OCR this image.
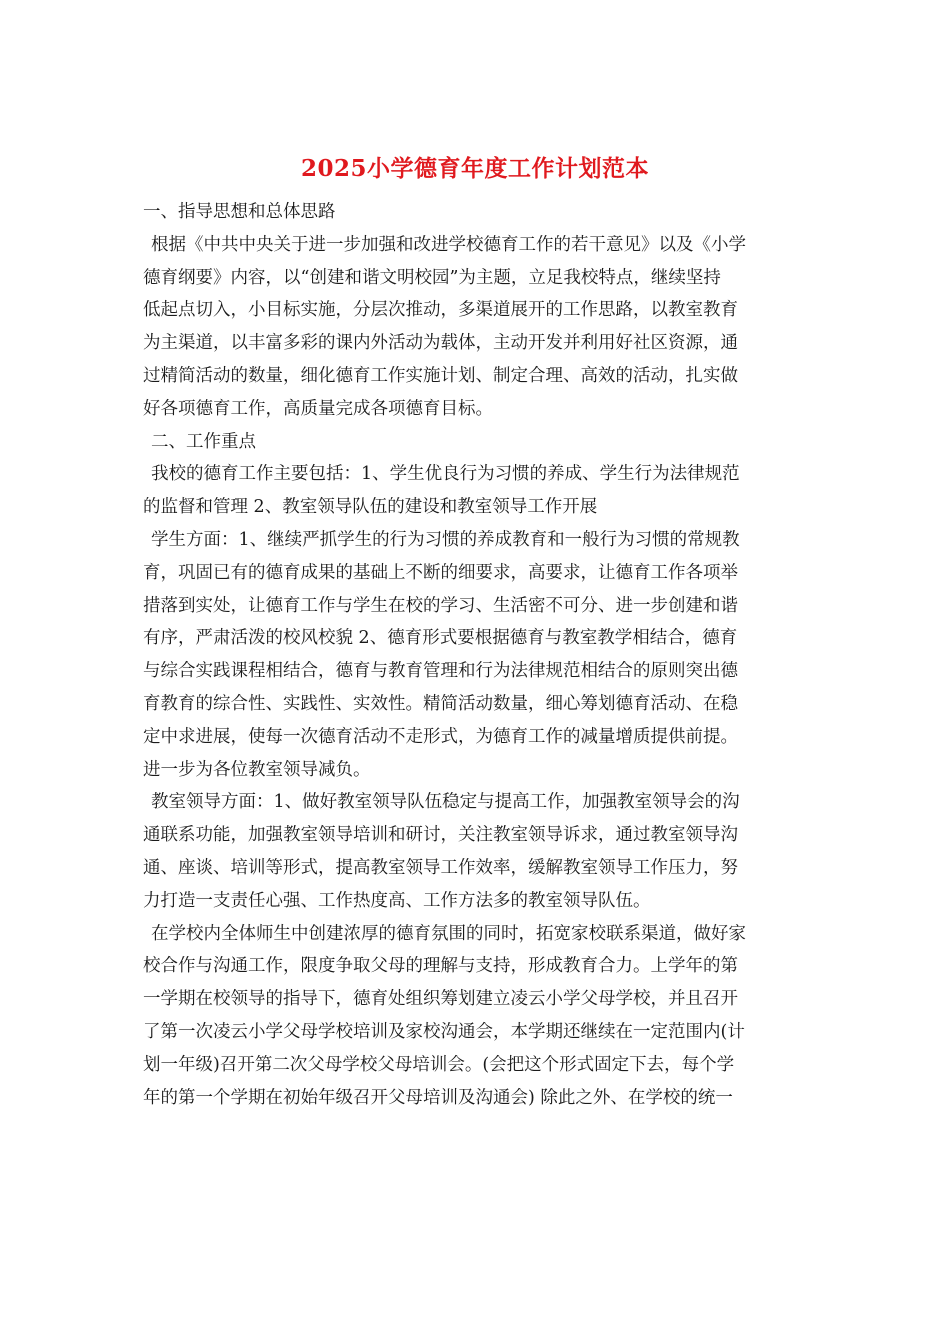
2025小学德育年度工作计划范本
一、指导思想和总体思路
根据《中共中央关于进一步加强和改进学校德育工作的若干意见》以及《小学
德育纲要》内容，以“创建和谐文明校园”为主题，立足我校特点，继续坚持
低起点切入，小目标实施，分层次推动，多渠道展开的工作思路，以教室教育
为主渠道，以丰富多彩的课内外活动为载体，主动开发并利用好社区资源，通
过精简活动的数量，细化德育工作实施计划、制定合理、高效的活动，扎实做
好各项德育工作，高质量完成各项德育目标。
二、工作重点
我校的德育工作主要包括：1、学生优良行为习惯的养成、学生行为法律规范
的监督和管理 2、教室领导队伍的建设和教室领导工作开展
学生方面：1、继续严抓学生的行为习惯的养成教育和一般行为习惯的常规教
育，巩固已有的德育成果的基础上不断的细要求，高要求，让德育工作各项举
措落到实处，让德育工作与学生在校的学习、生活密不可分、进一步创建和谐
有序，严肃活泼的校风校貌 2、德育形式要根据德育与教室教学相结合，德育
与综合实践课程相结合，德育与教育管理和行为法律规范相结合的原则突出德
育教育的综合性、实践性、实效性。精简活动数量，细心筹划德育活动、在稳
定中求进展，使每一次德育活动不走形式，为德育工作的减量增质提供前提。
进一步为各位教室领导减负。
教室领导方面：1、做好教室领导队伍稳定与提高工作，加强教室领导会的沟
通联系功能，加强教室领导培训和研讨，关注教室领导诉求，通过教室领导沟
通、座谈、培训等形式，提高教室领导工作效率，缓解教室领导工作压力，努
力打造一支责任心强、工作热度高、工作方法多的教室领导队伍。
在学校内全体师生中创建浓厚的德育氛围的同时，拓宽家校联系渠道，做好家
校合作与沟通工作，限度争取父母的理解与支持，形成教育合力。上学年的第
一学期在校领导的指导下，德育处组织筹划建立凌云小学父母学校，并且召开
了第一次凌云小学父母学校培训及家校沟通会，本学期还继续在一定范围内(计
划一年级)召开第二次父母学校父母培训会。(会把这个形式固定下去，每个学
年的第一个学期在初始年级召开父母培训及沟通会) 除此之外、在学校的统一
